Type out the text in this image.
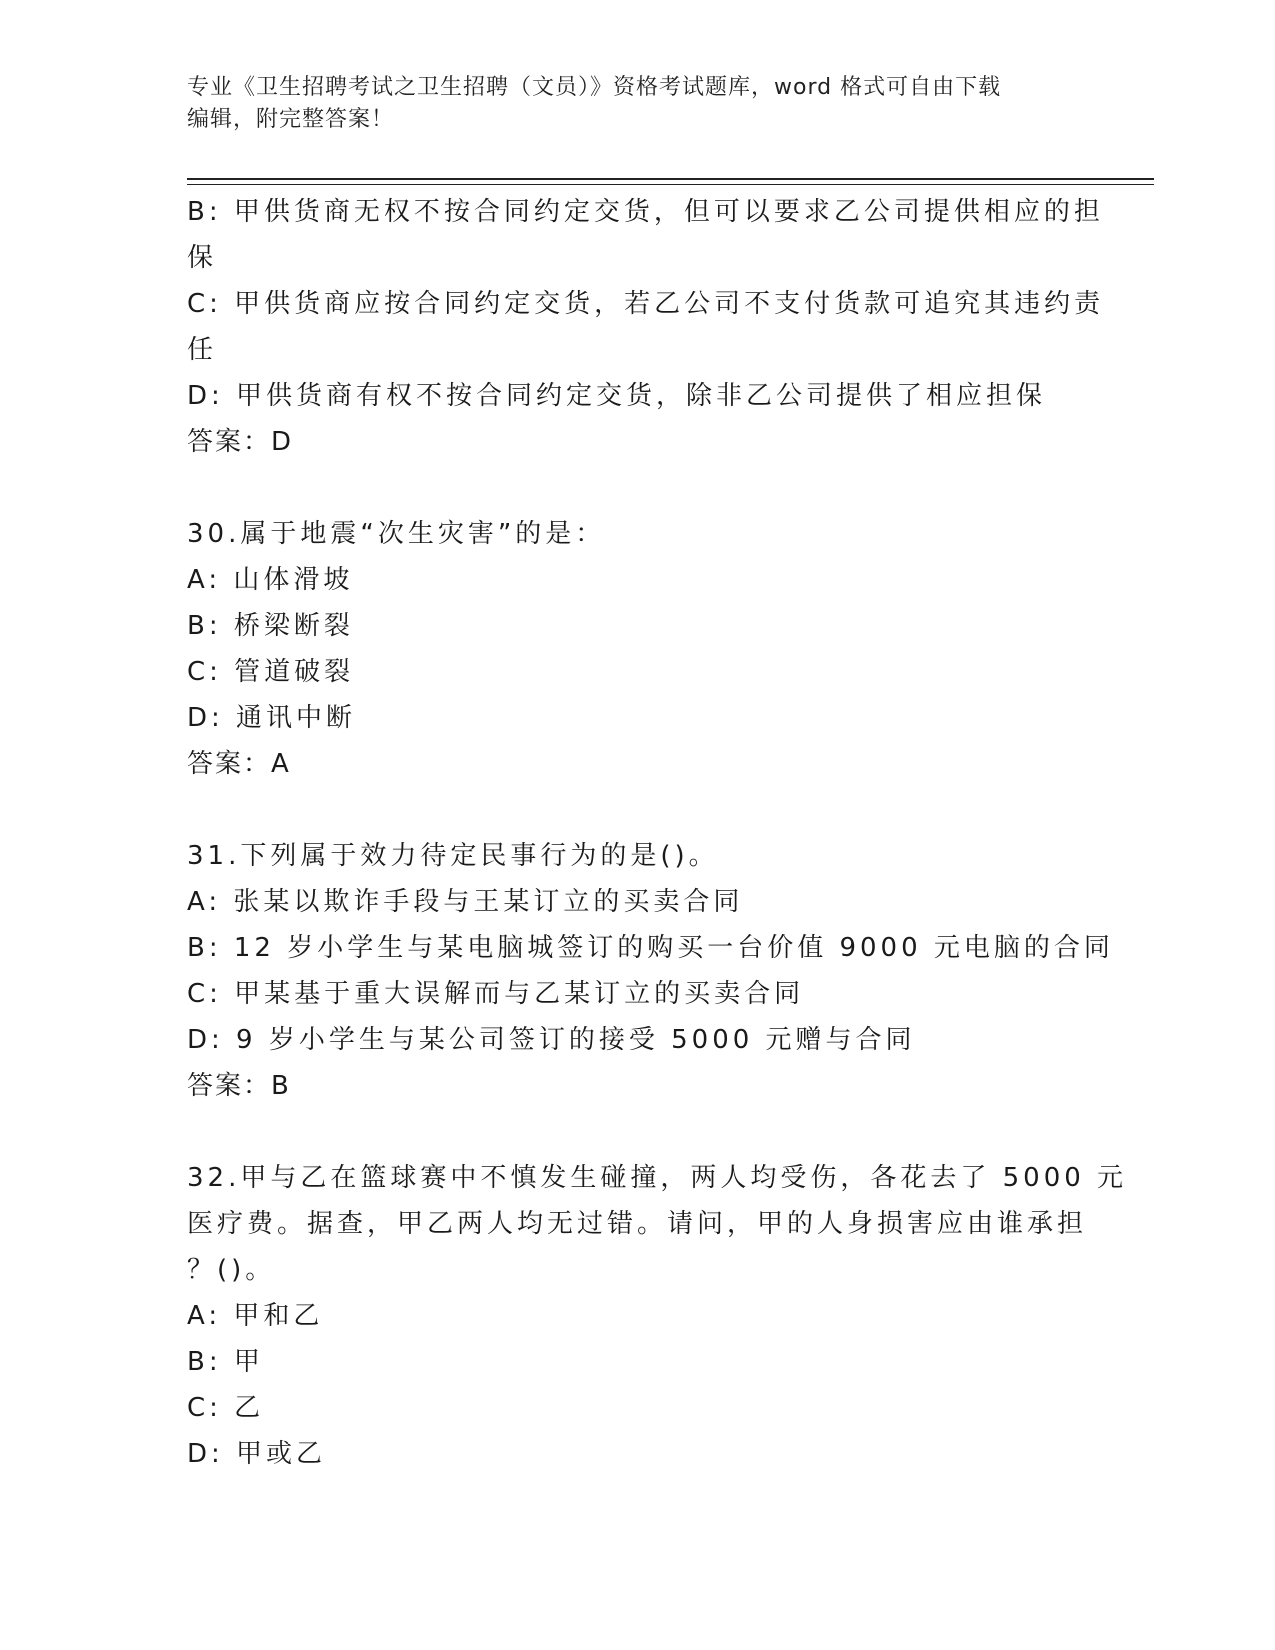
专业《卫生招聘考试之卫生招聘（文员）》资格考试题库，word 格式可自由下载
编辑，附完整答案！
B: 甲供货商无权不按合同约定交货，但可以要求乙公司提供相应的担
保
C: 甲供货商应按合同约定交货，若乙公司不支付货款可追究其违约责
任
D: 甲供货商有权不按合同约定交货，除非乙公司提供了相应担保
答案：D
30.属于地震“次生灾害”的是：
A: 山体滑坡
B: 桥梁断裂
C: 管道破裂
D: 通讯中断
答案：A
31.下列属于效力待定民事行为的是()。
A: 张某以欺诈手段与王某订立的买卖合同
B: 12 岁小学生与某电脑城签订的购买一台价值 9000 元电脑的合同
C: 甲某基于重大误解而与乙某订立的买卖合同
D: 9 岁小学生与某公司签订的接受 5000 元赠与合同
答案：B
32.甲与乙在篮球赛中不慎发生碰撞，两人均受伤，各花去了 5000 元
医疗费。据查，甲乙两人均无过错。请问，甲的人身损害应由谁承担
？()。
A: 甲和乙
B: 甲
C: 乙
D: 甲或乙
